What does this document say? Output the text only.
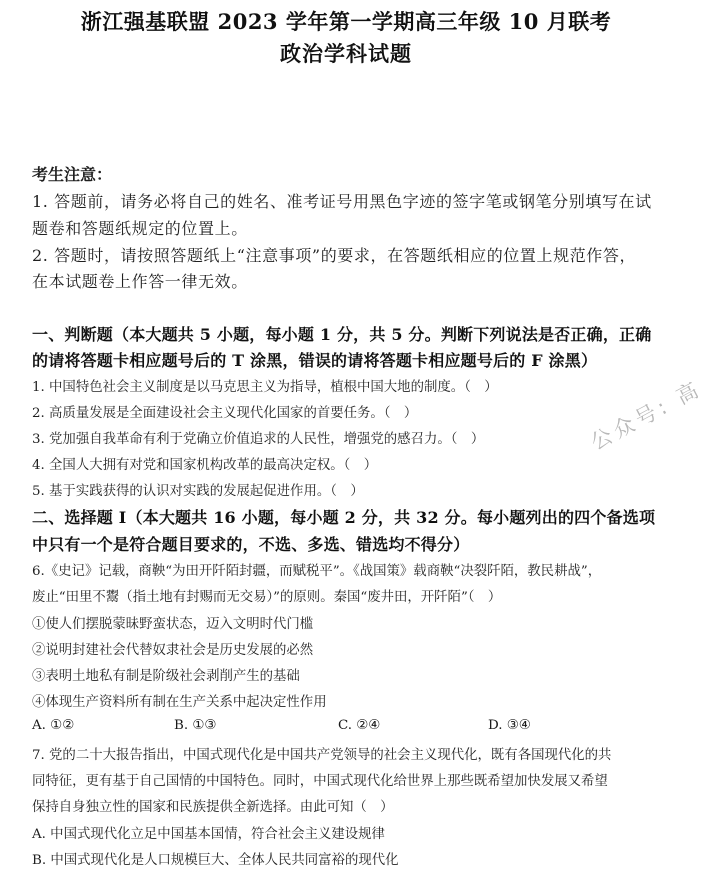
浙江强基联盟 2023 学年第一学期高三年级 10 月联考
政治学科试题
考生注意：
1. 答题前，请务必将自己的姓名、准考证号用黑色字迹的签字笔或钢笔分别填写在试
题卷和答题纸规定的位置上。
2. 答题时，请按照答题纸上“注意事项”的要求，在答题纸相应的位置上规范作答，
在本试题卷上作答一律无效。
一、判断题（本大题共 5 小题，每小题 1 分，共 5 分。判断下列说法是否正确，正确
的请将答题卡相应题号后的 T 涂黑，错误的请将答题卡相应题号后的 F 涂黑）
1. 中国特色社会主义制度是以马克思主义为指导，植根中国大地的制度。（　）
2. 高质量发展是全面建设社会主义现代化国家的首要任务。（　）
3. 党加强自我革命有利于党确立价值追求的人民性，增强党的感召力。（　）
4. 全国人大拥有对党和国家机构改革的最高决定权。（　）
5. 基于实践获得的认识对实践的发展起促进作用。（　）
二、选择题 I（本大题共 16 小题，每小题 2 分，共 32 分。每小题列出的四个备选项
中只有一个是符合题目要求的，不选、多选、错选均不得分）
6.《史记》记载，商鞅“为田开阡陌封疆，而赋税平”。《战国策》载商鞅“决裂阡陌，教民耕战”，
废止“田里不鬻（指土地有封赐而无交易）”的原则。秦国“废井田，开阡陌”（　）
①使人们摆脱蒙昧野蛮状态，迈入文明时代门槛
②说明封建社会代替奴隶社会是历史发展的必然
③表明土地私有制是阶级社会剥削产生的基础
④体现生产资料所有制在生产关系中起决定性作用
A. ①②	B. ①③	C. ②④	D. ③④
7. 党的二十大报告指出，中国式现代化是中国共产党领导的社会主义现代化，既有各国现代化的共
同特征，更有基于自己国情的中国特色。同时，中国式现代化给世界上那些既希望加快发展又希望
保持自身独立性的国家和民族提供全新选择。由此可知（　）
A. 中国式现代化立足中国基本国情，符合社会主义建设规律
B. 中国式现代化是人口规模巨大、全体人民共同富裕的现代化
公众号: 高
